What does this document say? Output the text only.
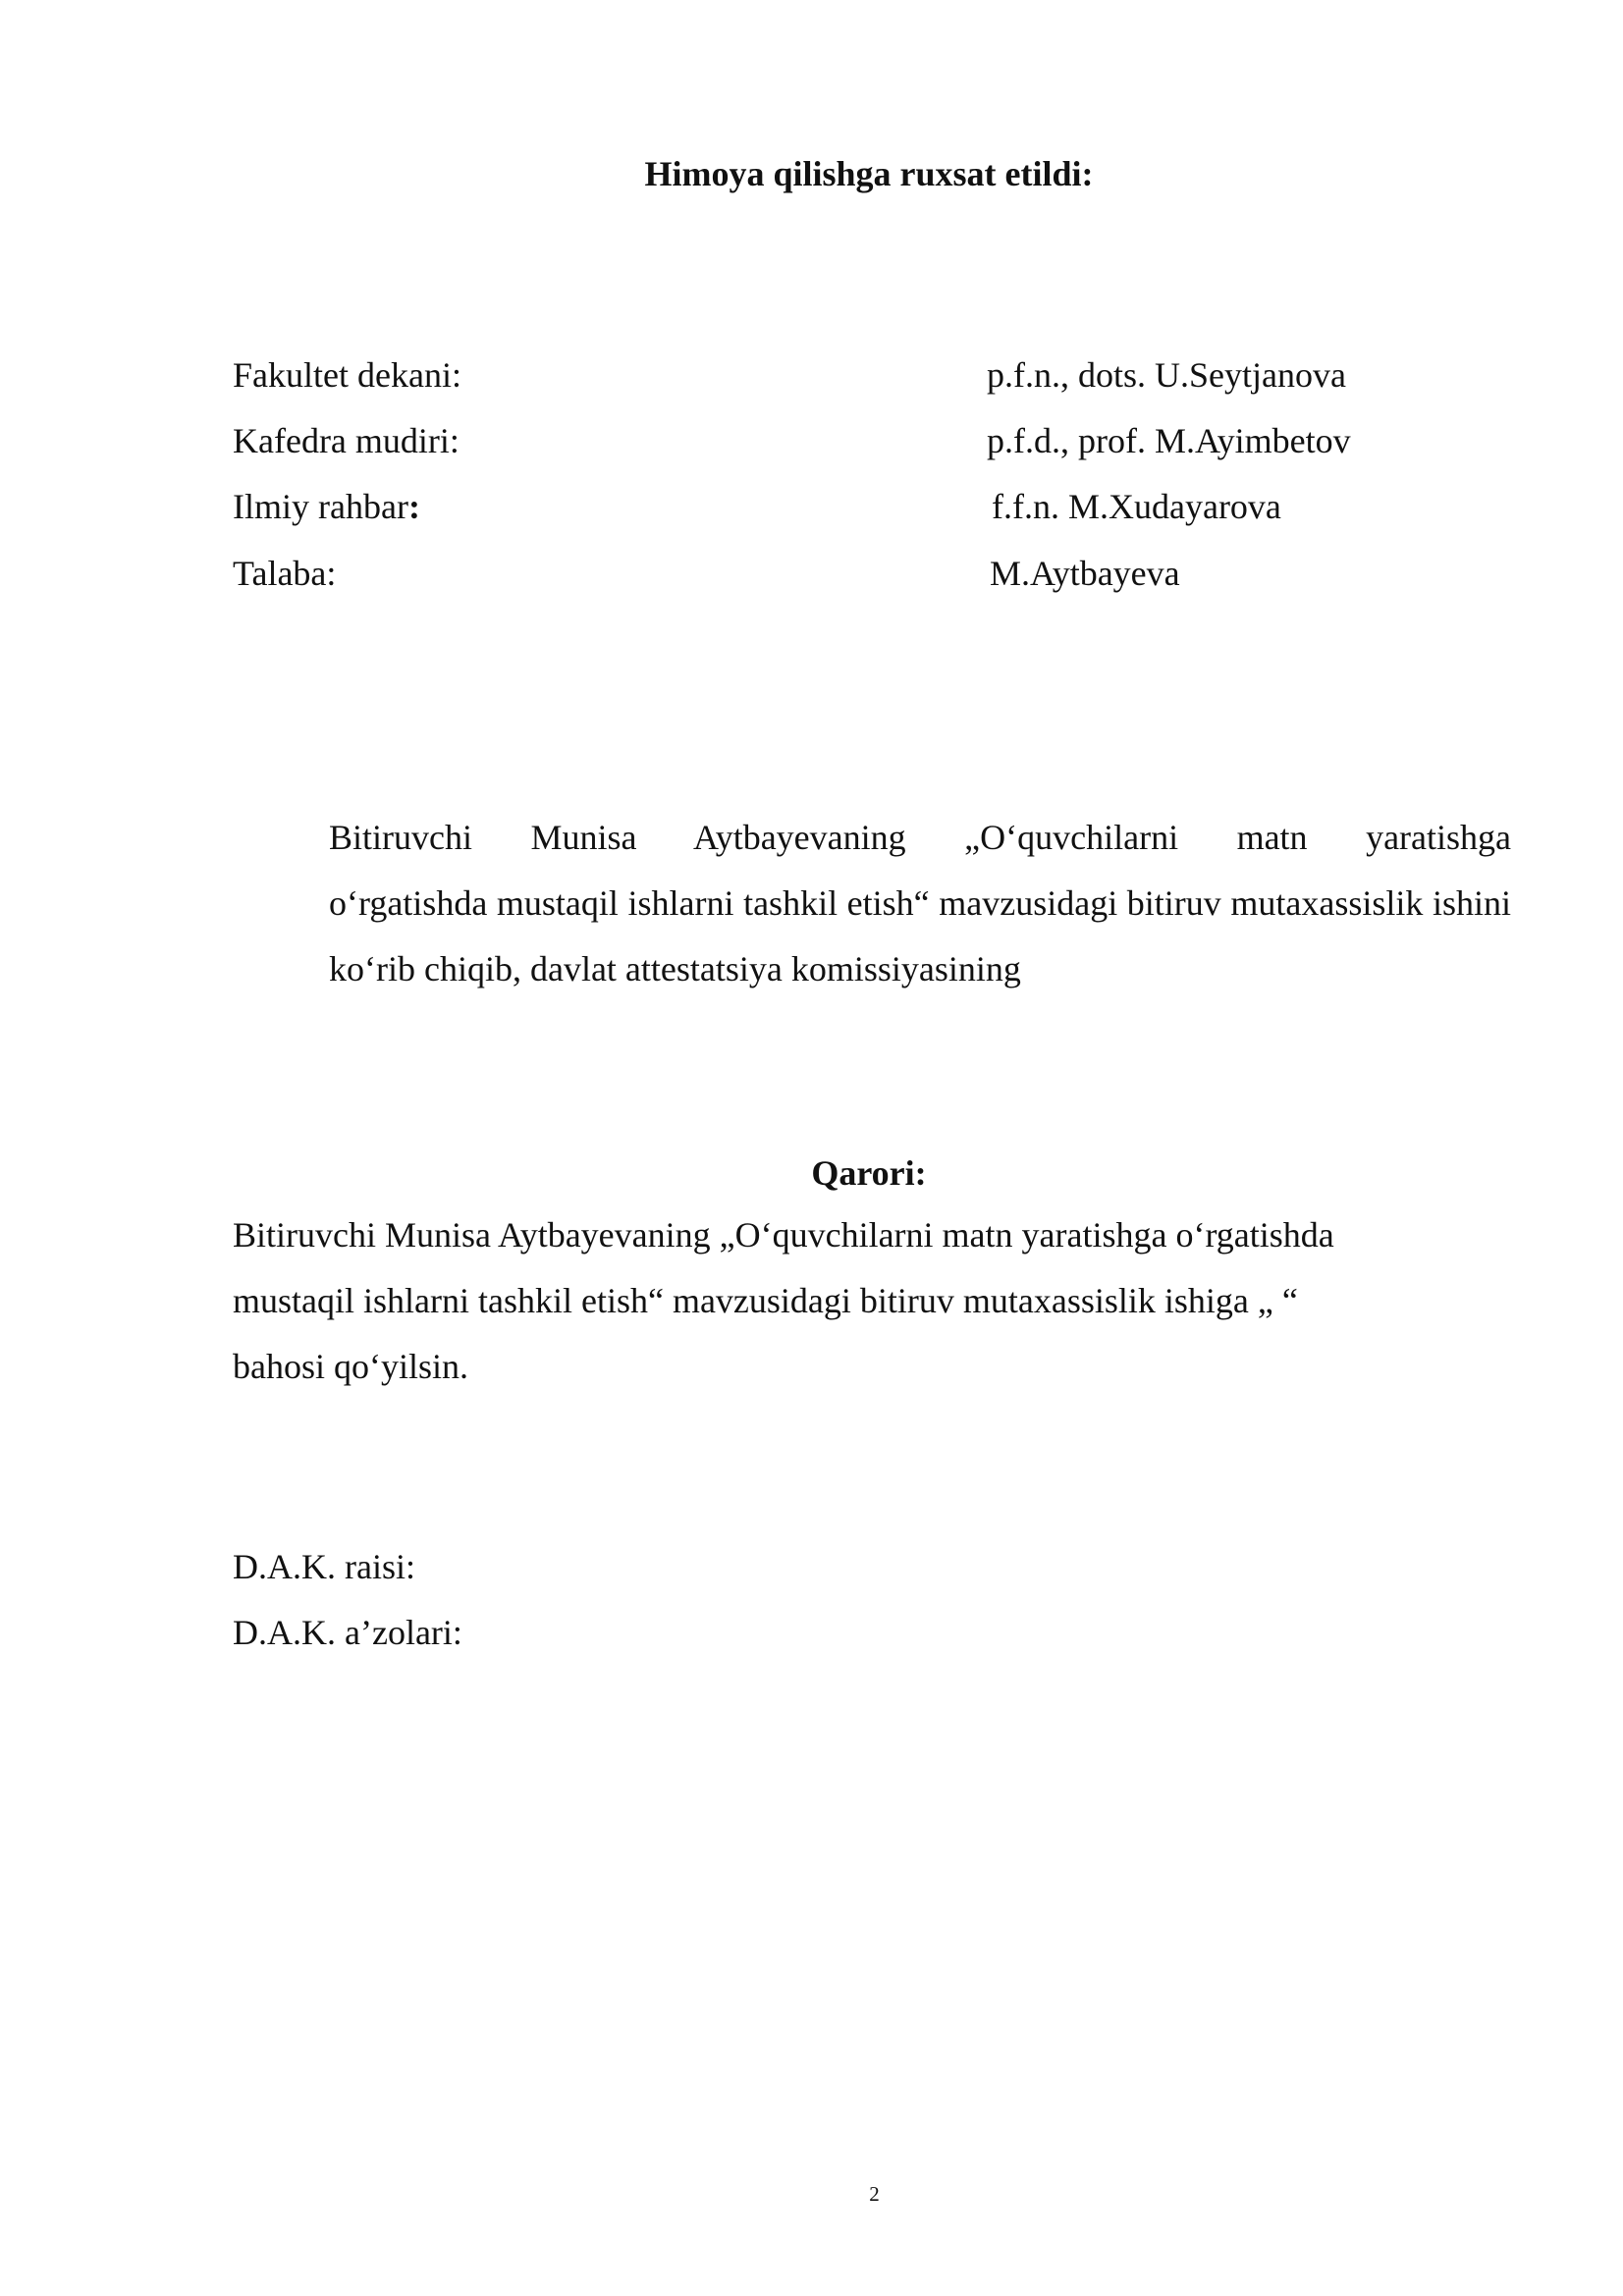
Himoya qilishga ruxsat etildi:
Fakultet dekani:	p.f.n., dots. U.Seytjanova
Kafedra mudiri:	p.f.d., prof. M.Ayimbetov
Ilmiy rahbar:	f.f.n. M.Xudayarova
Talaba:	M.Aytbayeva
Bitiruvchi Munisa Aytbayevaning „O‘quvchilarni matn yaratishga
o‘rgatishda mustaqil ishlarni tashkil etish“ mavzusidagi bitiruv mutaxassislik ishini
ko‘rib chiqib, davlat attestatsiya komissiyasining
Qarori:
Bitiruvchi Munisa Aytbayevaning „O‘quvchilarni matn yaratishga o‘rgatishda
mustaqil ishlarni tashkil etish“ mavzusidagi bitiruv mutaxassislik ishiga „ “
bahosi qo‘yilsin.
D.A.K. raisi:
D.A.K. a’zolari:
2
